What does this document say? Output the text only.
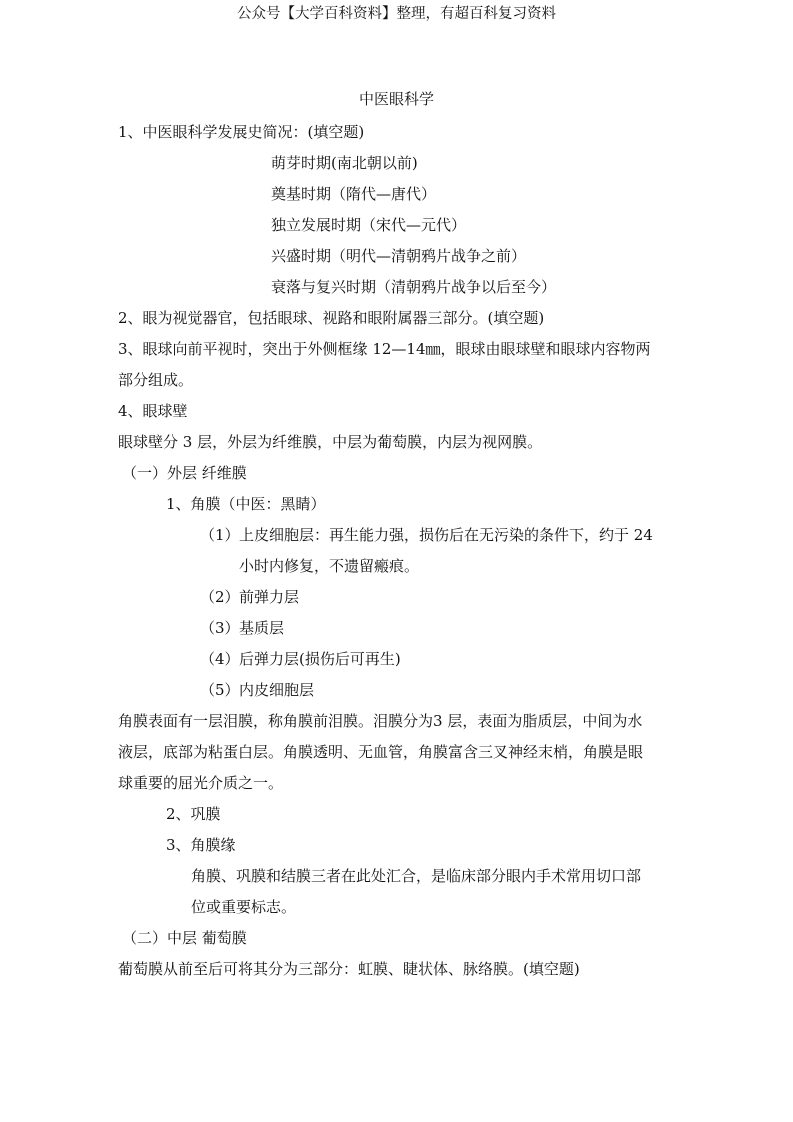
公众号【大学百科资料】整理，有超百科复习资料
中医眼科学
1、中医眼科学发展史简况：(填空题)
萌芽时期(南北朝以前)
奠基时期（隋代—唐代）
独立发展时期（宋代—元代）
兴盛时期（明代—清朝鸦片战争之前）
衰落与复兴时期（清朝鸦片战争以后至今）
2、眼为视觉器官，包括眼球、视路和眼附属器三部分。(填空题)
3、眼球向前平视时，突出于外侧框缘 12—14㎜，眼球由眼球壁和眼球内容物两
部分组成。
4、眼球壁
眼球壁分 3 层，外层为纤维膜，中层为葡萄膜，内层为视网膜。
（一）外层 纤维膜
1、角膜（中医：黑睛）
（1）上皮细胞层：再生能力强，损伤后在无污染的条件下，约于 24
小时内修复，不遗留瘢痕。
（2）前弹力层
（3）基质层
（4）后弹力层(损伤后可再生)
（5）内皮细胞层
角膜表面有一层泪膜，称角膜前泪膜。泪膜分为3 层，表面为脂质层，中间为水
液层，底部为粘蛋白层。角膜透明、无血管，角膜富含三叉神经末梢，角膜是眼
球重要的屈光介质之一。
2、巩膜
3、角膜缘
角膜、巩膜和结膜三者在此处汇合，是临床部分眼内手术常用切口部
位或重要标志。
（二）中层 葡萄膜
葡萄膜从前至后可将其分为三部分：虹膜、睫状体、脉络膜。(填空题)
